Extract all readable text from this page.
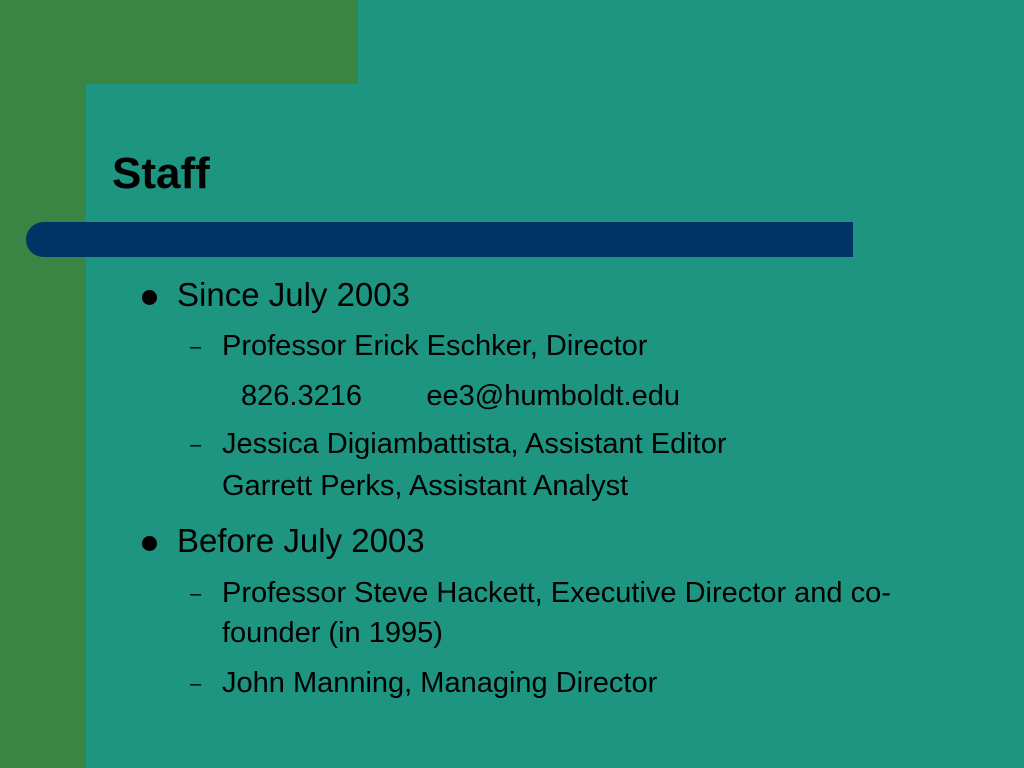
Staff
Since July 2003
– Professor Erick Eschker, Director
826.3216        ee3@humboldt.edu
– Jessica Digiambattista, Assistant Editor
Garrett Perks, Assistant Analyst
Before July 2003
– Professor Steve Hackett, Executive Director and co-
founder (in 1995)
– John Manning, Managing Director
